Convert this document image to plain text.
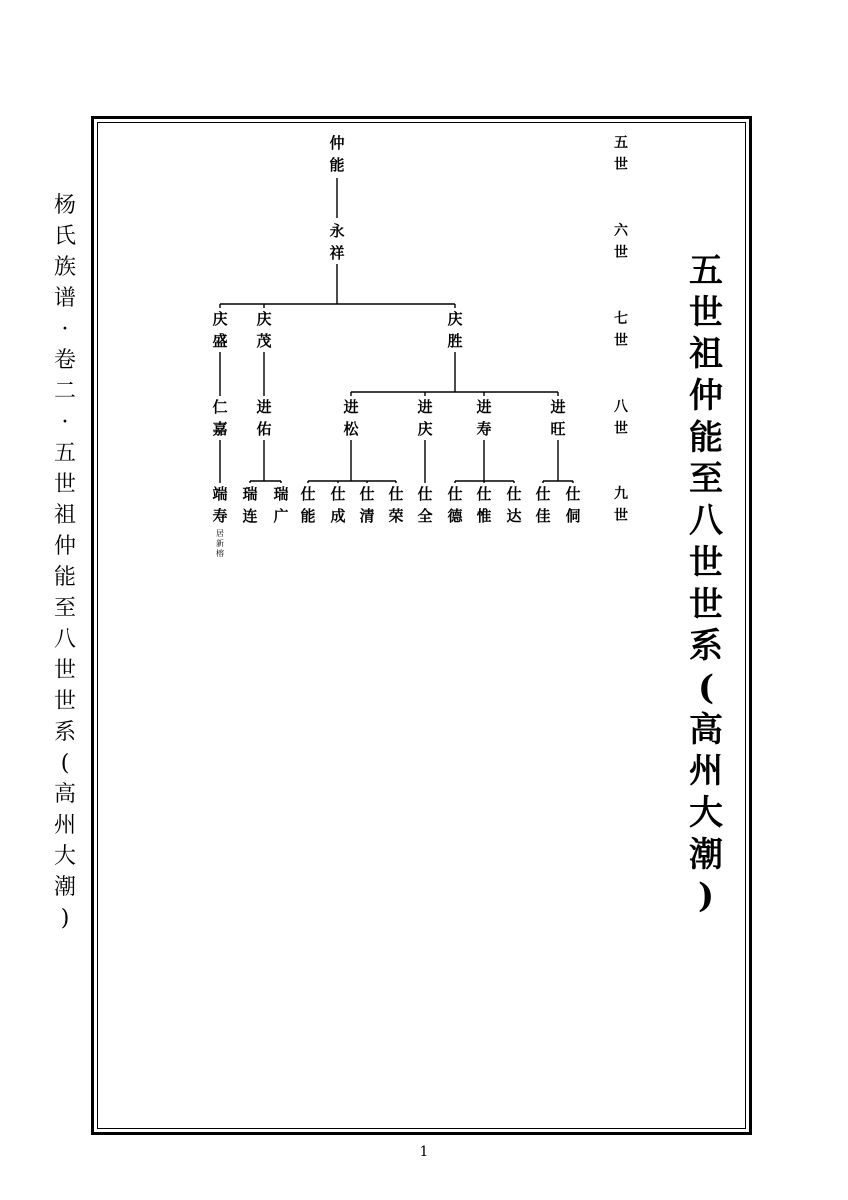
杨
氏
族
谱
·
卷
二
·
五
世
祖
仲
能
至
八
世
世
系
(
高
州
大
潮
)
五
世
祖
仲
能
至
八
世
世
系
(
高
州
大
潮
)
五
世
六
世
七
世
八
世
九
世
仲
能
永
祥
庆
盛
庆
茂
庆
胜
仁
嘉
进
佑
进
松
进
庆
进
寿
进
旺
端
寿
居
新
榕
瑞
连
瑞
广
仕
能
仕
成
仕
清
仕
荣
仕
全
仕
德
仕
惟
仕
达
仕
佳
仕
侗
1
